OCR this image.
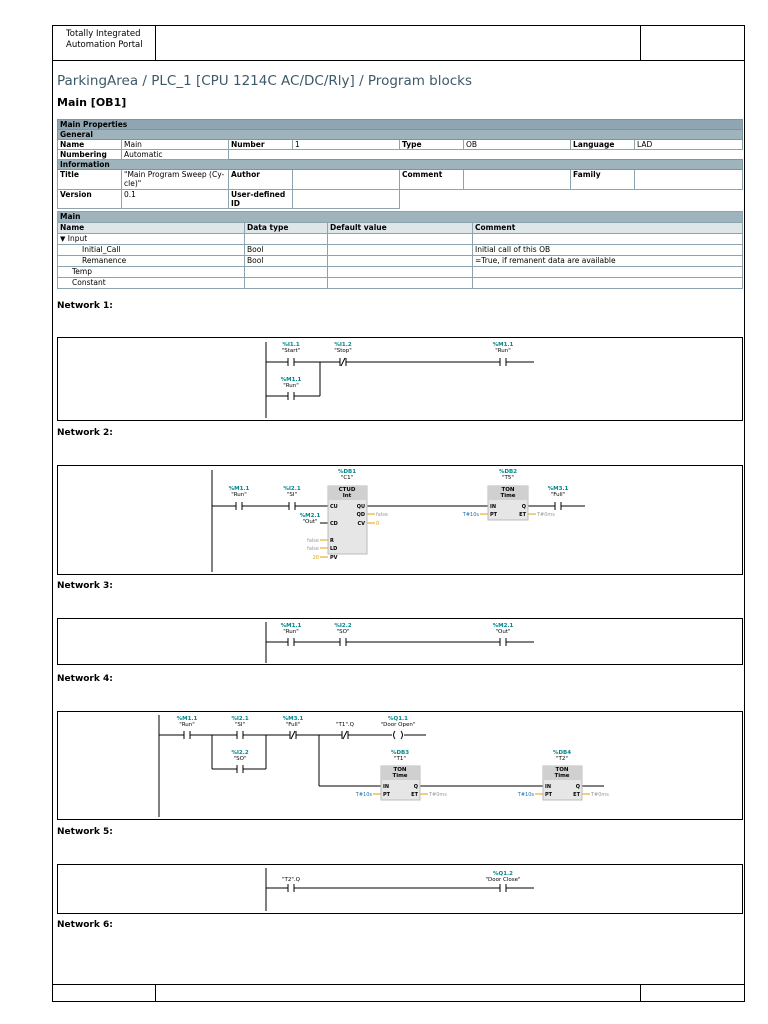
Totally Integrated
Automation Portal
ParkingArea / PLC_1 [CPU 1214C AC/DC/Rly] / Program blocks
Main [OB1]
Main Properties							
General							
Name	Main	Number	1	Type	OB	Language	LAD
Numbering	Automatic						
Information							
Title	"Main Program Sweep (Cy- cle)"	Author		Comment		Family	
Version	0.1	User-defined ID					
Main			
Name	Data type	Default value	Comment
▼ Input			
Initial_Call	Bool		Initial call of this OB
Remanence	Bool		=True, if remanent data are available
Temp			
Constant			
Network 1:
%I1.1
"Start"
%I1.2
"Stop"
%M1.1
"Run"
%M1.1
"Run"
Network 2:
%M1.1
"Run"
%I2.1
"SI"
%DB1
"C1"
CTUD
Int
%M2.1
"Out"
%DB2
"T5"
TON
Time
%M3.1
"Full"
CU
CD
R
LD
PV
QU
QD
CV
IN
PT
Q
ET
false
false
20
false
0
T#10s	T#0ms
Network 3:
%M1.1
"Run"
%I2.2
"SO"
%M2.1
"Out"
Network 4:
%M1.1
"Run"
%I2.1
"SI"
%M3.1
"Full"	"T1".Q
%Q1.1
"Door Open"
%I2.2
"SO"
%DB3
"T1"
TON
Time
%DB4
"T2"
TON
Time
IN
PT
Q
ET
IN
PT
Q
ET
T#10s	T#0ms	T#10s	T#0ms
Network 5:
"T2".Q
%Q1.2
"Door Close"
Network 6:
